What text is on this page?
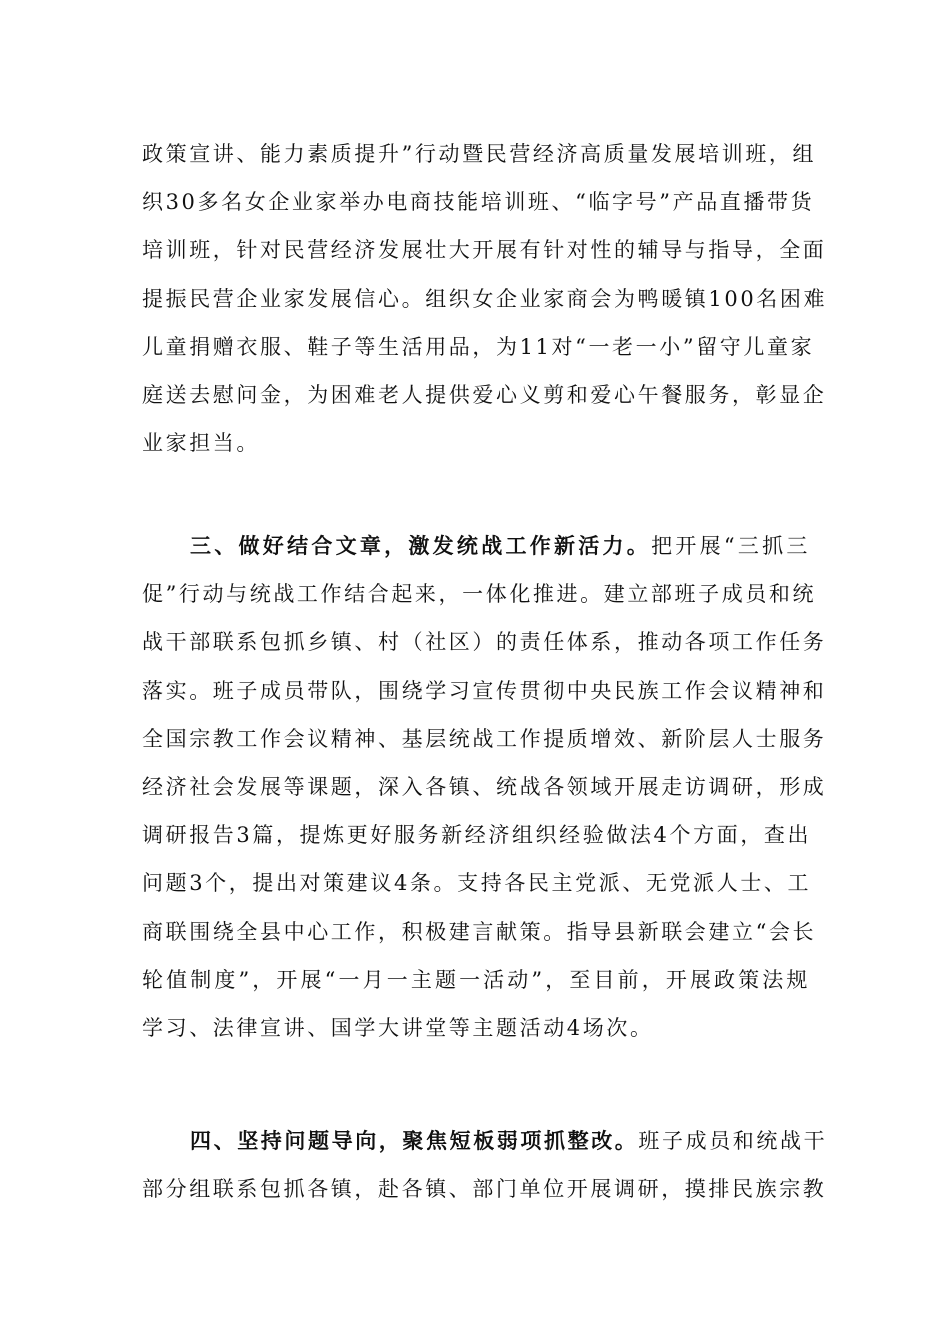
政策宣讲、能力素质提升”行动暨民营经济高质量发展培训班，组
织30多名女企业家举办电商技能培训班、“临字号”产品直播带货
培训班，针对民营经济发展壮大开展有针对性的辅导与指导，全面
提振民营企业家发展信心。组织女企业家商会为鸭暖镇100名困难
儿童捐赠衣服、鞋子等生活用品，为11对“一老一小”留守儿童家
庭送去慰问金，为困难老人提供爱心义剪和爱心午餐服务，彰显企
业家担当。
三、做好结合文章，激发统战工作新活力。把开展“三抓三
促”行动与统战工作结合起来，一体化推进。建立部班子成员和统
战干部联系包抓乡镇、村（社区）的责任体系，推动各项工作任务
落实。班子成员带队，围绕学习宣传贯彻中央民族工作会议精神和
全国宗教工作会议精神、基层统战工作提质增效、新阶层人士服务
经济社会发展等课题，深入各镇、统战各领域开展走访调研，形成
调研报告3篇，提炼更好服务新经济组织经验做法4个方面，查出
问题3个，提出对策建议4条。支持各民主党派、无党派人士、工
商联围绕全县中心工作，积极建言献策。指导县新联会建立“会长
轮值制度”，开展“一月一主题一活动”，至目前，开展政策法规
学习、法律宣讲、国学大讲堂等主题活动4场次。
四、坚持问题导向，聚焦短板弱项抓整改。班子成员和统战干
部分组联系包抓各镇，赴各镇、部门单位开展调研，摸排民族宗教
